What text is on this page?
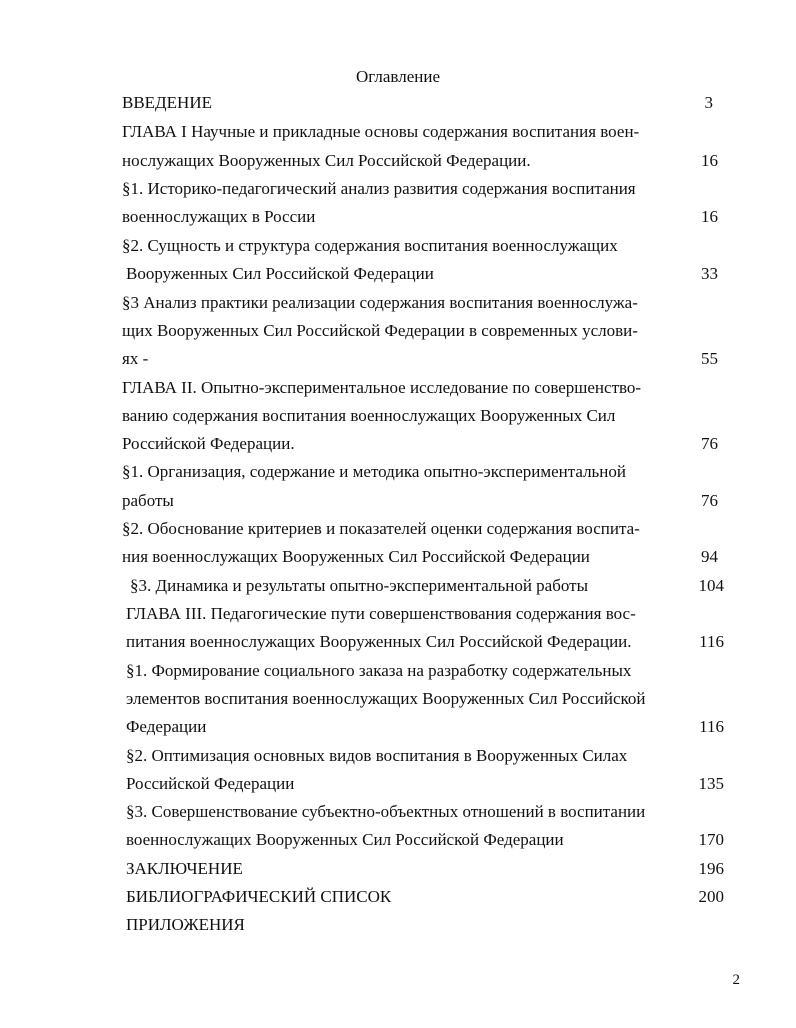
Оглавление
ВВЕДЕНИЕ
ГЛАВА I Научные и прикладные основы содержания воспитания воен-
нослужащих Вооруженных Сил Российской Федерации.
§1. Историко-педагогический анализ развития содержания воспитания
военнослужащих в России
§2. Сущность и структура содержания воспитания военнослужащих
Вооруженных Сил Российской Федерации
§3 Анализ практики реализации содержания воспитания военнослужа-
щих Вооруженных Сил Российской Федерации в современных услови-
ях -
ГЛАВА II. Опытно-экспериментальное исследование по совершенство-
ванию содержания воспитания военнослужащих Вооруженных Сил
Российской Федерации.
§1. Организация, содержание и методика опытно-экспериментальной
работы
§2. Обоснование критериев и показателей оценки содержания воспита-
ния военнослужащих Вооруженных Сил Российской Федерации
§3. Динамика и результаты опытно-экспериментальной работы
ГЛАВА III. Педагогические пути совершенствования содержания вос-
питания военнослужащих Вооруженных Сил Российской Федерации.
§1. Формирование социального заказа на разработку содержательных
элементов воспитания военнослужащих Вооруженных Сил Российской
Федерации
§2. Оптимизация основных видов воспитания в Вооруженных Силах
Российской Федерации
§3. Совершенствование субъектно-объектных отношений в воспитании
военнослужащих Вооруженных Сил Российской Федерации
ЗАКЛЮЧЕНИЕ
БИБЛИОГРАФИЧЕСКИЙ СПИСОК
ПРИЛОЖЕНИЯ
3
16
16
33
55
76
76
94
104
116
116
135
170
196
200
2
